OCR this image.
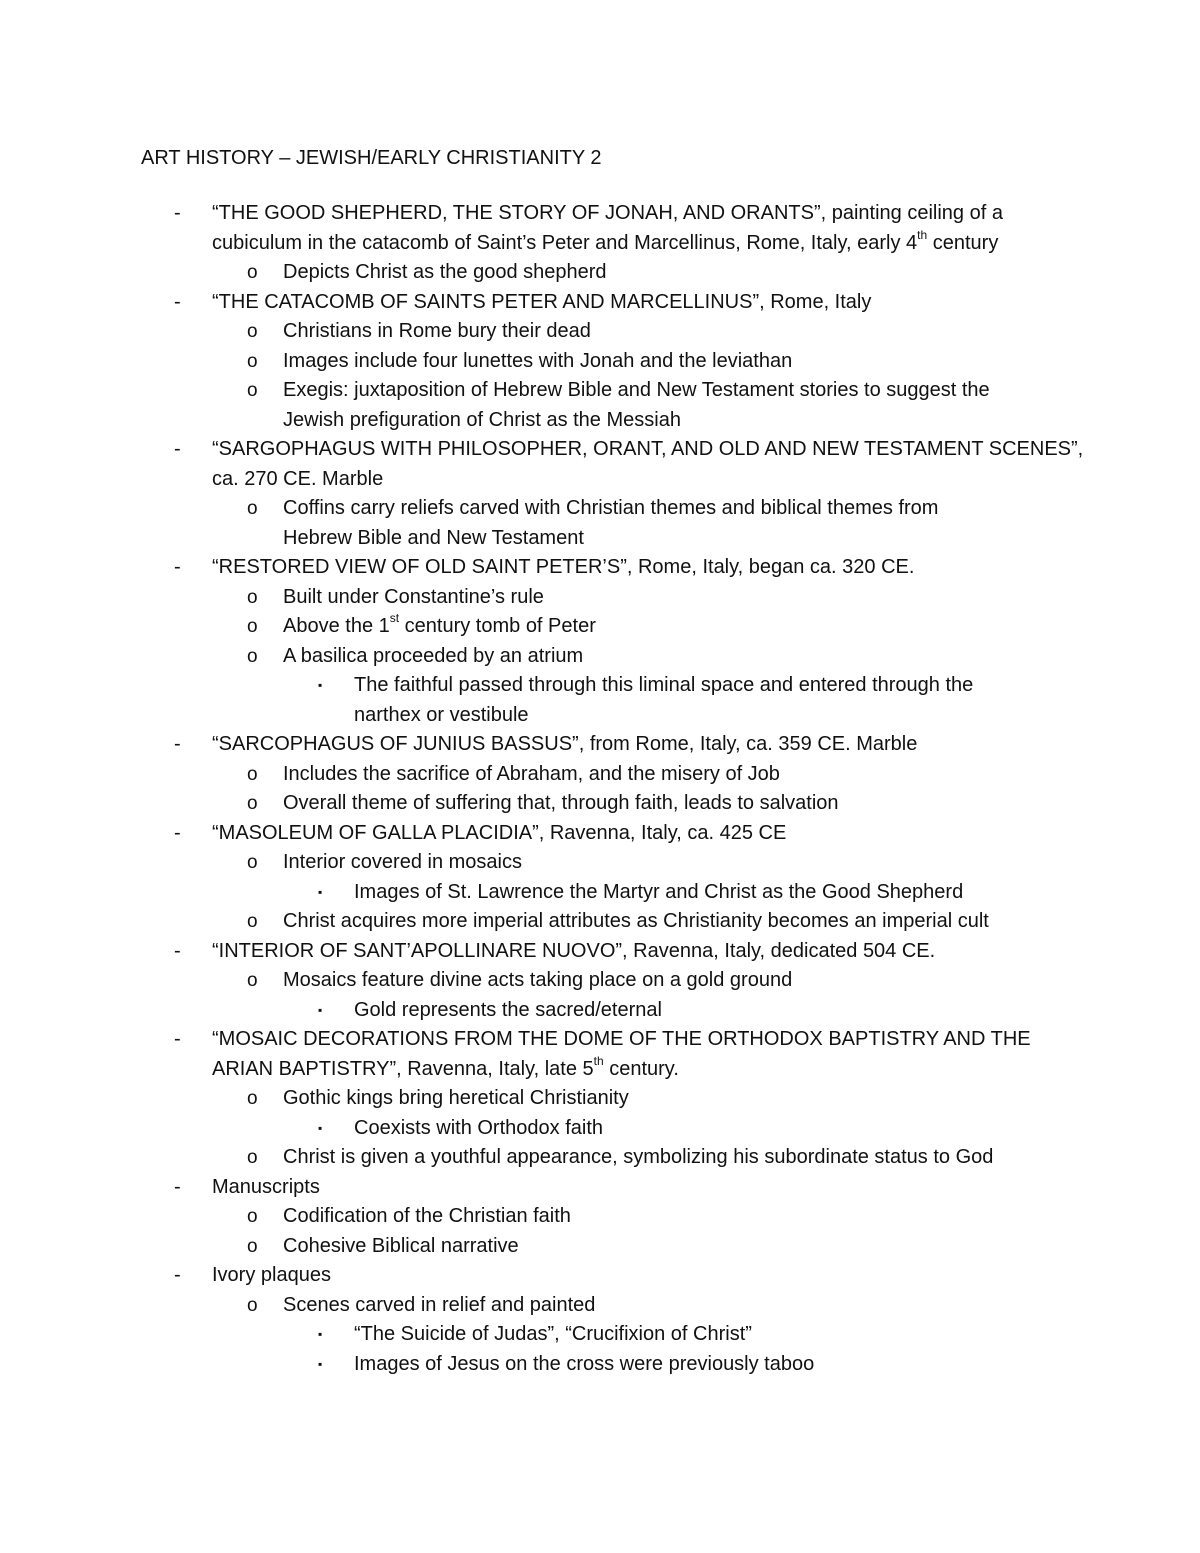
ART HISTORY – JEWISH/EARLY CHRISTIANITY 2
- “THE GOOD SHEPHERD, THE STORY OF JONAH, AND ORANTS”, painting ceiling of a
cubiculum in the catacomb of Saint’s Peter and Marcellinus, Rome, Italy, early 4th century
o Depicts Christ as the good shepherd
- “THE CATACOMB OF SAINTS PETER AND MARCELLINUS”, Rome, Italy
o Christians in Rome bury their dead
o Images include four lunettes with Jonah and the leviathan
o Exegis: juxtaposition of Hebrew Bible and New Testament stories to suggest the
Jewish prefiguration of Christ as the Messiah
- “SARGOPHAGUS WITH PHILOSOPHER, ORANT, AND OLD AND NEW TESTAMENT SCENES”,
ca. 270 CE. Marble
o Coffins carry reliefs carved with Christian themes and biblical themes from
Hebrew Bible and New Testament
- “RESTORED VIEW OF OLD SAINT PETER’S”, Rome, Italy, began ca. 320 CE.
o Built under Constantine’s rule
o Above the 1st century tomb of Peter
o A basilica proceeded by an atrium
▪ The faithful passed through this liminal space and entered through the
narthex or vestibule
- “SARCOPHAGUS OF JUNIUS BASSUS”, from Rome, Italy, ca. 359 CE. Marble
o Includes the sacrifice of Abraham, and the misery of Job
o Overall theme of suffering that, through faith, leads to salvation
- “MASOLEUM OF GALLA PLACIDIA”, Ravenna, Italy, ca. 425 CE
o Interior covered in mosaics
▪ Images of St. Lawrence the Martyr and Christ as the Good Shepherd
o Christ acquires more imperial attributes as Christianity becomes an imperial cult
- “INTERIOR OF SANT’APOLLINARE NUOVO”, Ravenna, Italy, dedicated 504 CE.
o Mosaics feature divine acts taking place on a gold ground
▪ Gold represents the sacred/eternal
- “MOSAIC DECORATIONS FROM THE DOME OF THE ORTHODOX BAPTISTRY AND THE
ARIAN BAPTISTRY”, Ravenna, Italy, late 5th century.
o Gothic kings bring heretical Christianity
▪ Coexists with Orthodox faith
o Christ is given a youthful appearance, symbolizing his subordinate status to God
- Manuscripts
o Codification of the Christian faith
o Cohesive Biblical narrative
- Ivory plaques
o Scenes carved in relief and painted
▪ “The Suicide of Judas”, “Crucifixion of Christ”
▪ Images of Jesus on the cross were previously taboo
